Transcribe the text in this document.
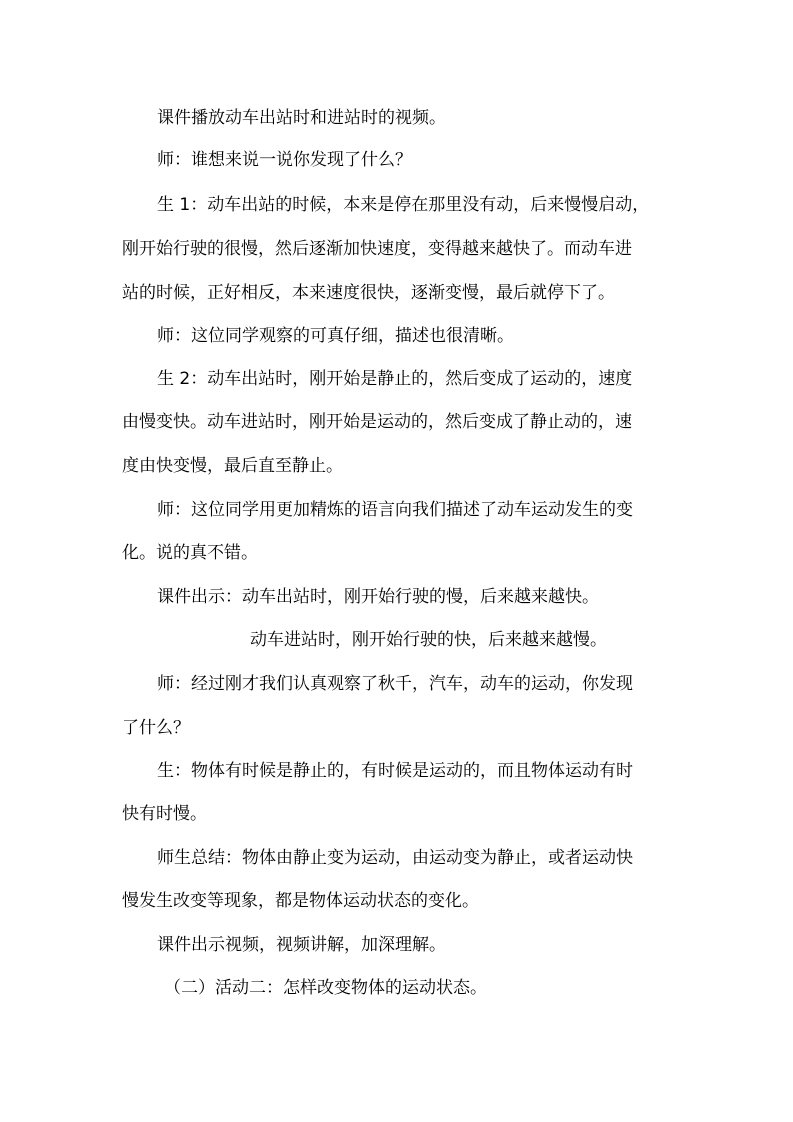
课件播放动车出站时和进站时的视频。
师：谁想来说一说你发现了什么？
生 1：动车出站的时候，本来是停在那里没有动，后来慢慢启动，
刚开始行驶的很慢，然后逐渐加快速度，变得越来越快了。而动车进
站的时候，正好相反，本来速度很快，逐渐变慢，最后就停下了。
师：这位同学观察的可真仔细，描述也很清晰。
生 2：动车出站时，刚开始是静止的，然后变成了运动的，速度
由慢变快。动车进站时，刚开始是运动的，然后变成了静止动的，速
度由快变慢，最后直至静止。
师：这位同学用更加精炼的语言向我们描述了动车运动发生的变
化。说的真不错。
课件出示：动车出站时，刚开始行驶的慢，后来越来越快。
动车进站时，刚开始行驶的快，后来越来越慢。
师：经过刚才我们认真观察了秋千，汽车，动车的运动，你发现
了什么？
生：物体有时候是静止的，有时候是运动的，而且物体运动有时
快有时慢。
师生总结：物体由静止变为运动，由运动变为静止，或者运动快
慢发生改变等现象，都是物体运动状态的变化。
课件出示视频，视频讲解，加深理解。
（二）活动二：怎样改变物体的运动状态。
